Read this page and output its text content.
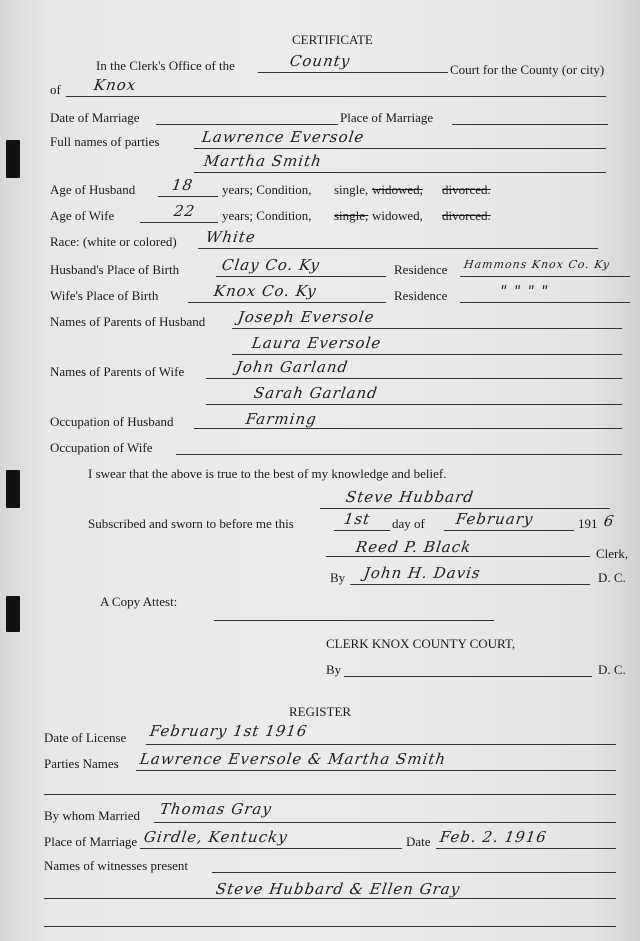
CERTIFICATE
In the Clerk's Office of the	County	Court for the County (or city)
of Knox
Date of Marriage	Place of Marriage
Full names of parties	Lawrence Eversole
Martha Smith
Age of Husband 18 years; Condition, single, widowed, divorced.
Age of Wife	22 years; Condition, single, widowed, divorced.
Race: (white or colored) White
Husband's Place of Birth	Clay Co. Ky	Residence Hammons Knox Co. Ky
Wife's Place of Birth	Knox Co. Ky	Residence	" " " "
Names of Parents of Husband Joseph Eversole
Laura Eversole
Names of Parents of Wife	John Garland
Sarah Garland
Occupation of Husband	Farming
Occupation of Wife
I swear that the above is true to the best of my knowledge and belief.
Steve Hubbard
Subscribed and sworn to before me this	1st day of February	191 6
Reed P. Black	Clerk,
By John H. Davis	D. C.
A Copy Attest:
CLERK KNOX COUNTY COURT,
By	D. C.
REGISTER
Date of License February 1st 1916
Parties Names Lawrence Eversole & Martha Smith
By whom Married Thomas Gray
Place of Marriage Girdle, Kentucky	Date Feb. 2. 1916
Names of witnesses present
Steve Hubbard & Ellen Gray
